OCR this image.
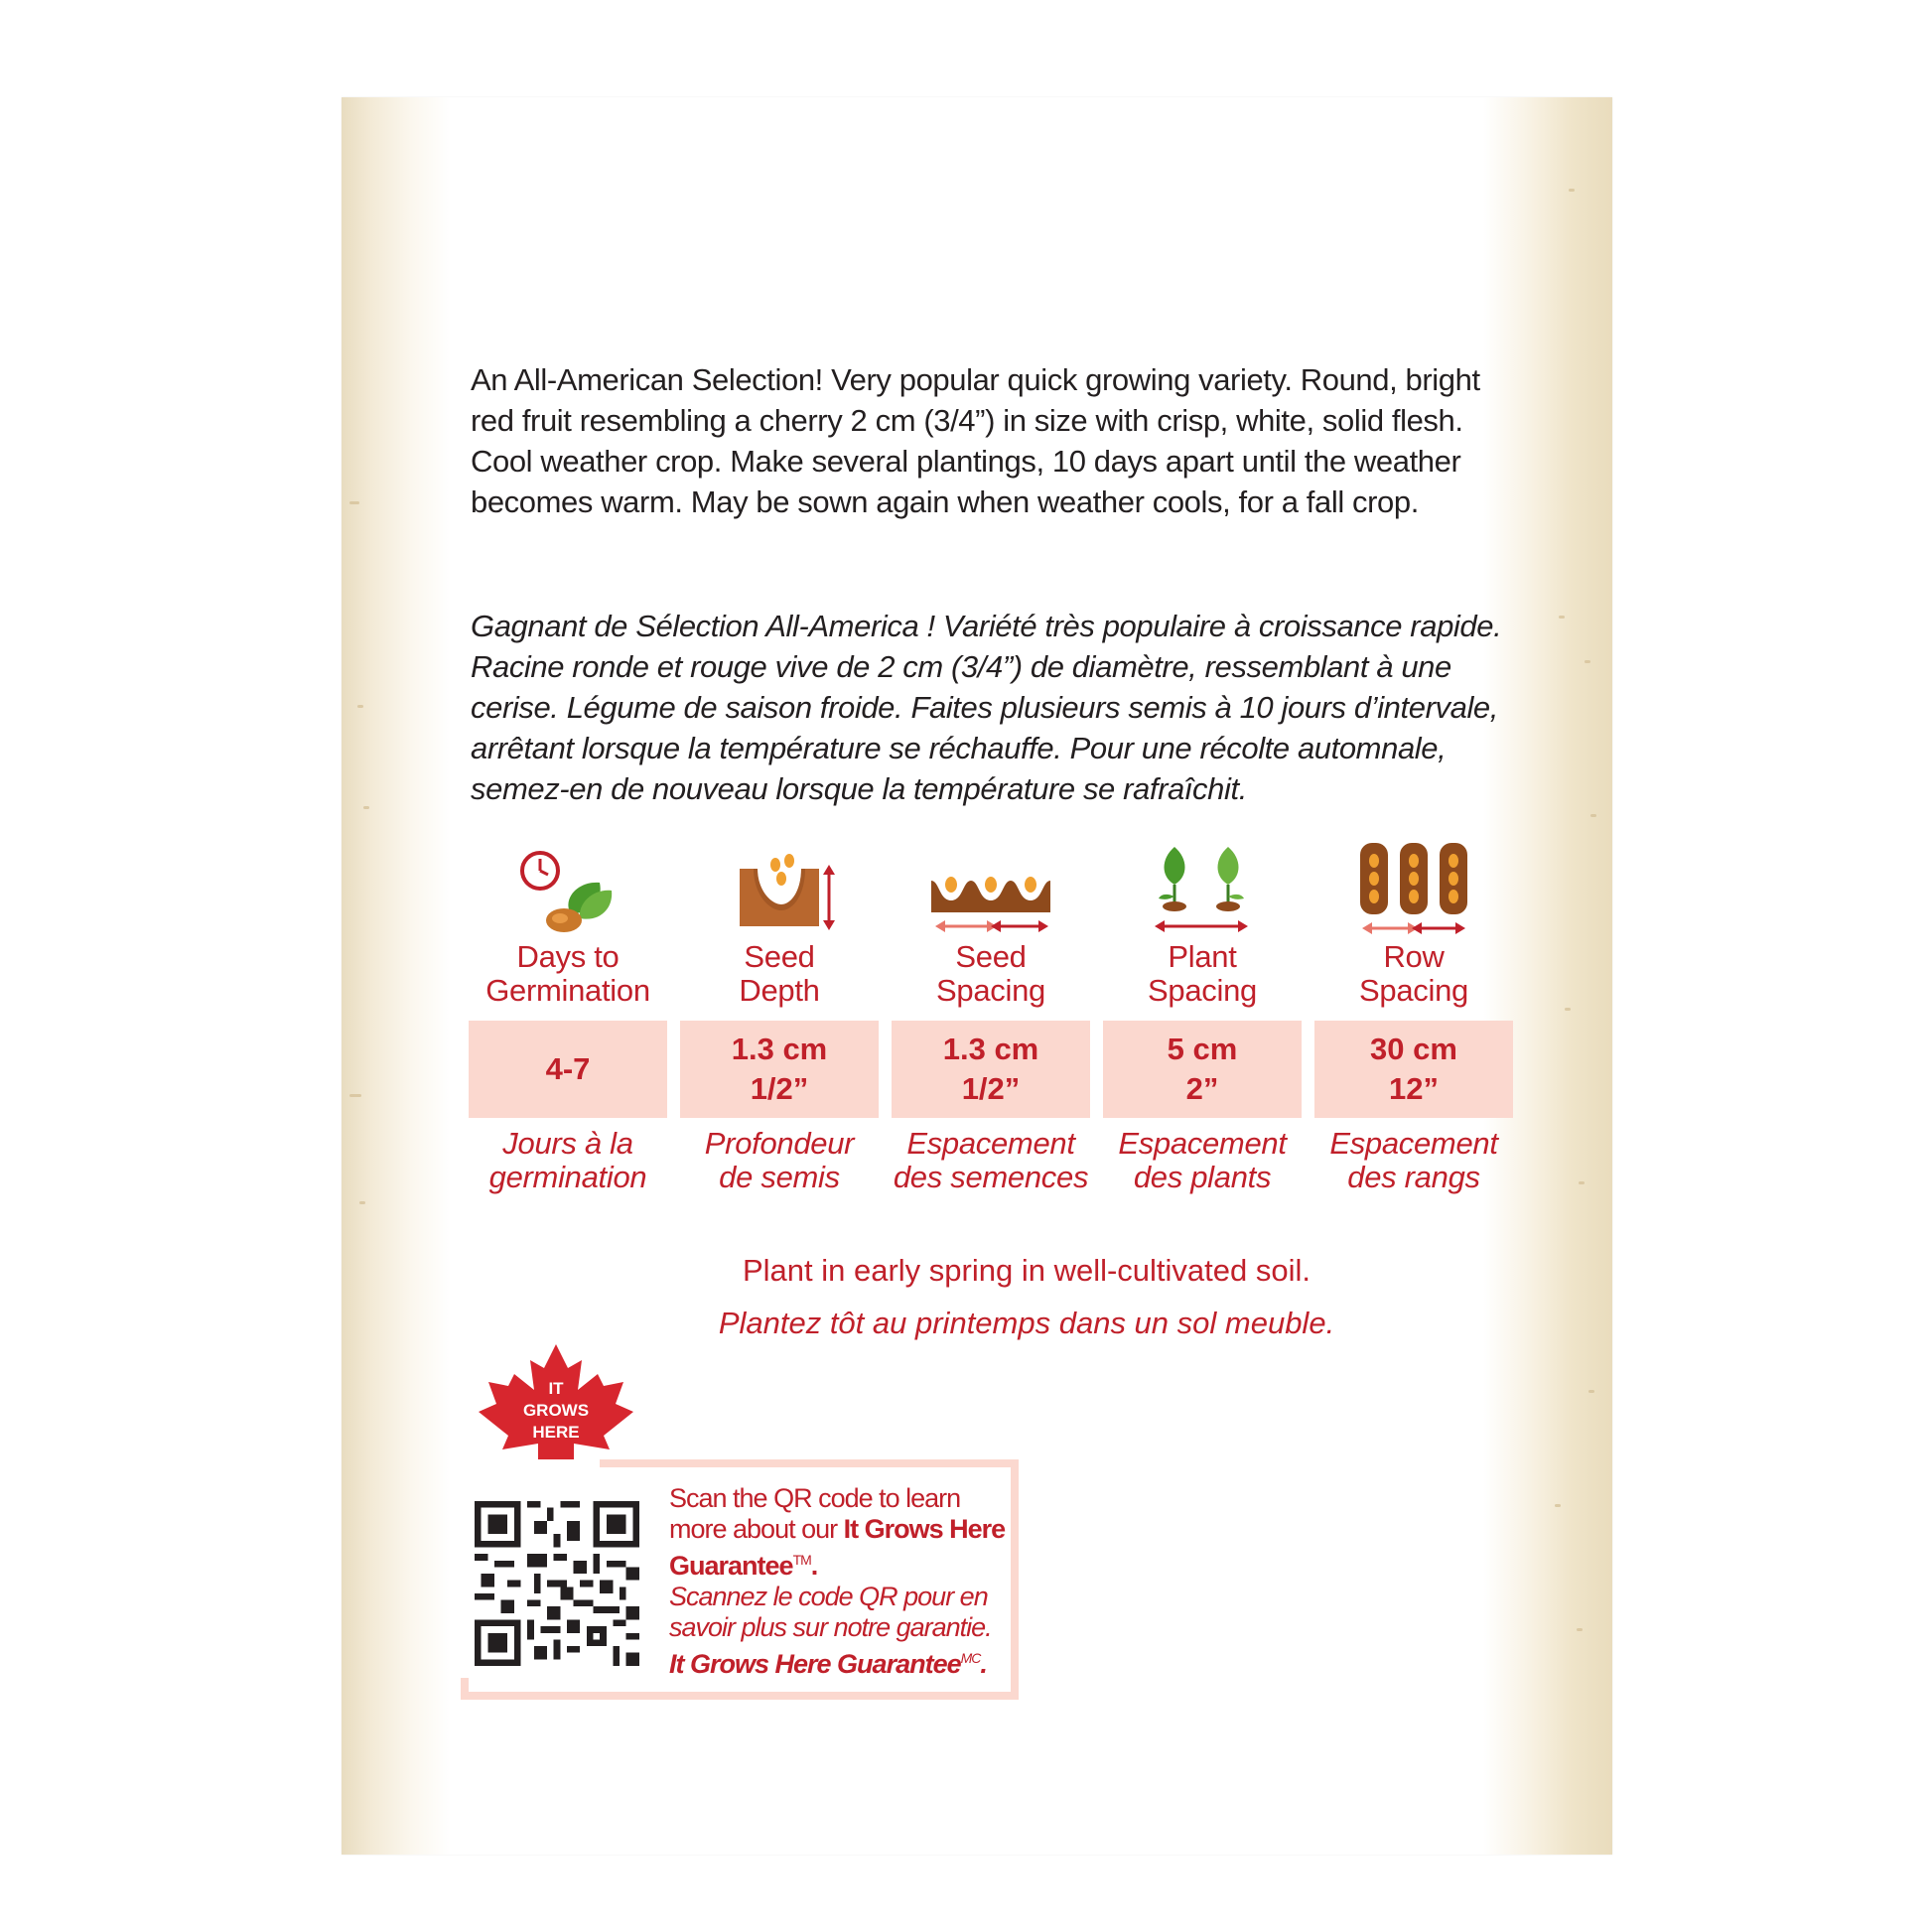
An All-American Selection! Very popular quick growing variety. Round, bright red fruit resembling a cherry 2 cm (3/4”) in size with crisp, white, solid flesh. Cool weather crop. Make several plantings, 10 days apart until the weather becomes warm. May be sown again when weather cools, for a fall crop.

Gagnant de Sélection All-America ! Variété très populaire à croissance rapide. Racine ronde et rouge vive de 2 cm (3/4”) de diamètre, ressemblant à une cerise. Légume de saison froide. Faites plusieurs semis à 10 jours d’intervale, arrêtant lorsque la température se réchauffe. Pour une récolte automnale, semez-en de nouveau lorsque la température se rafraîchit.

Days to
Germination
4-7
Jours à la
germination
Seed
Depth
1.3 cm
1/2”
Profondeur
de semis
Seed
Spacing
1.3 cm
1/2”
Espacement
des semences
Plant
Spacing
5 cm
2”
Espacement
des plants
Row
Spacing
30 cm
12”
Espacement
des rangs
Plant in early spring in well-cultivated soil.
Plantez tôt au printemps dans un sol meuble.
IT
GROWS
HERE
Scan the QR code to learn more about our It Grows Here Guarantee™.
Scannez le code QR pour en savoir plus sur notre garantie. It Grows Here Guarantee$^{MC}$.
